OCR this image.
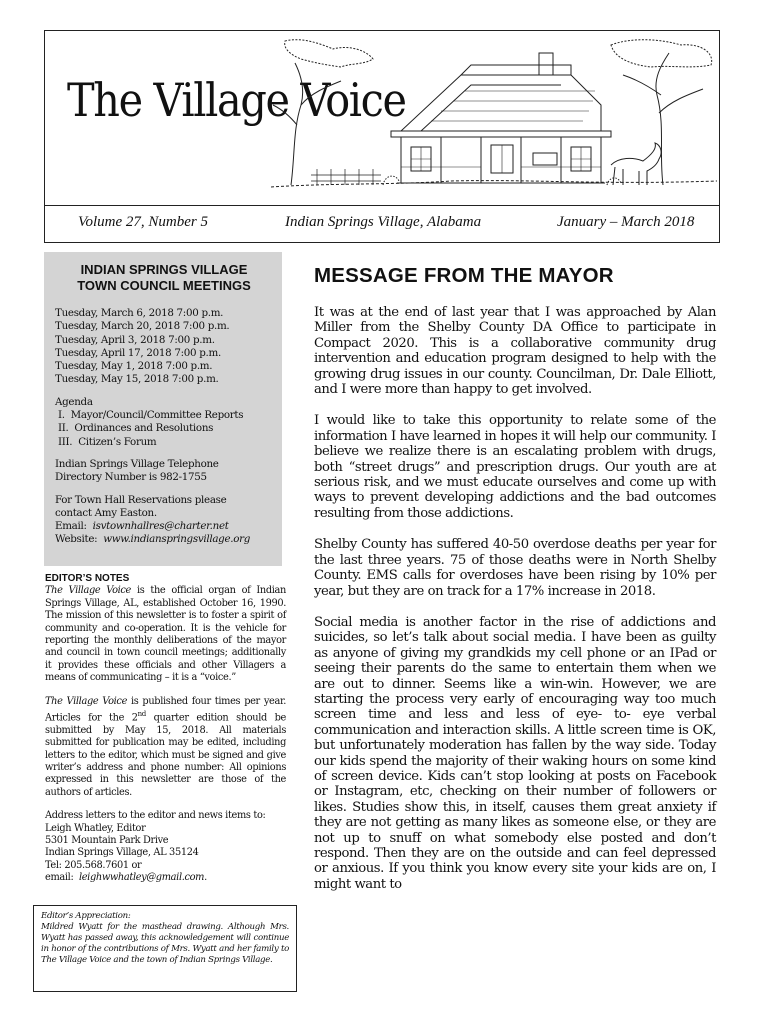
The Village Voice
Volume 27, Number 5	Indian Springs Village, Alabama	January – March 2018
INDIAN SPRINGS VILLAGE
TOWN COUNCIL MEETINGS
Tuesday, March 6, 2018 7:00 p.m.
Tuesday, March 20, 2018 7:00 p.m.
Tuesday, April 3, 2018 7:00 p.m.
Tuesday, April 17, 2018 7:00 p.m.
Tuesday, May 1, 2018 7:00 p.m.
Tuesday, May 15, 2018 7:00 p.m.
Agenda
I.  Mayor/Council/Committee Reports
II.  Ordinances and Resolutions
III.  Citizen’s Forum
Indian Springs Village Telephone
Directory Number is 982-1755
For Town Hall Reservations please
contact Amy Easton.
Email: isvtownhallres@charter.net
Website: www.indianspringsvillage.org
EDITOR’S NOTES

The Village Voice is the official organ of Indian Springs Village, AL, established October 16, 1990. The mission of this newsletter is to foster a spirit of community and co-operation. It is the vehicle for reporting the monthly deliberations of the mayor and council in town council meetings; additionally it provides these officials and other Villagers a means of communicating – it is a “voice.”

The Village Voice is published four times per year. Articles for the 2nd quarter edition should be submitted by May 15, 2018. All materials submitted for publication may be edited, including letters to the editor, which must be signed and give writer’s address and phone number: All opinions expressed in this newsletter are those of the authors of articles.

Address letters to the editor and news items to:
Leigh Whatley, Editor
5301 Mountain Park Drive
Indian Springs Village, AL 35124
Tel: 205.568.7601 or
email:  leighwwhatley@gmail.com.
Editor’s Appreciation:
Mildred Wyatt for the masthead drawing. Although Mrs. Wyatt has passed away, this acknowledgement will continue in honor of the contributions of Mrs. Wyatt and her family to The Village Voice and the town of Indian Springs Village.
MESSAGE FROM THE MAYOR

It was at the end of last year that I was approached by Alan Miller from the Shelby County DA Office to participate in Compact 2020. This is a collaborative community drug intervention and education program designed to help with the growing drug issues in our county. Councilman, Dr. Dale Elliott, and I were more than happy to get involved.

I would like to take this opportunity to relate some of the information I have learned in hopes it will help our community. I believe we realize there is an escalating problem with drugs, both “street drugs” and prescription drugs. Our youth are at serious risk, and we must educate ourselves and come up with ways to prevent developing addictions and the bad outcomes resulting from those addictions.

Shelby County has suffered 40-50 overdose deaths per year for the last three years. 75 of those deaths were in North Shelby County. EMS calls for overdoses have been rising by 10% per year, but they are on track for a 17% increase in 2018.

Social media is another factor in the rise of addictions and suicides, so let’s talk about social media. I have been as guilty as anyone of giving my grandkids my cell phone or an IPad or seeing their parents do the same to entertain them when we are out to dinner. Seems like a win-win. However, we are starting the process very early of encouraging way too much screen time and less and less of eye- to- eye verbal communication and interaction skills. A little screen time is OK, but unfortunately moderation has fallen by the way side. Today our kids spend the majority of their waking hours on some kind of screen device. Kids can’t stop looking at posts on Facebook or Instagram, etc, checking on their number of followers or likes. Studies show this, in itself, causes them great anxiety if they are not getting as many likes as someone else, or they are not up to snuff on what somebody else posted and don’t respond. Then they are on the outside and can feel depressed or anxious. If you think you know every site your kids are on, I might want to
